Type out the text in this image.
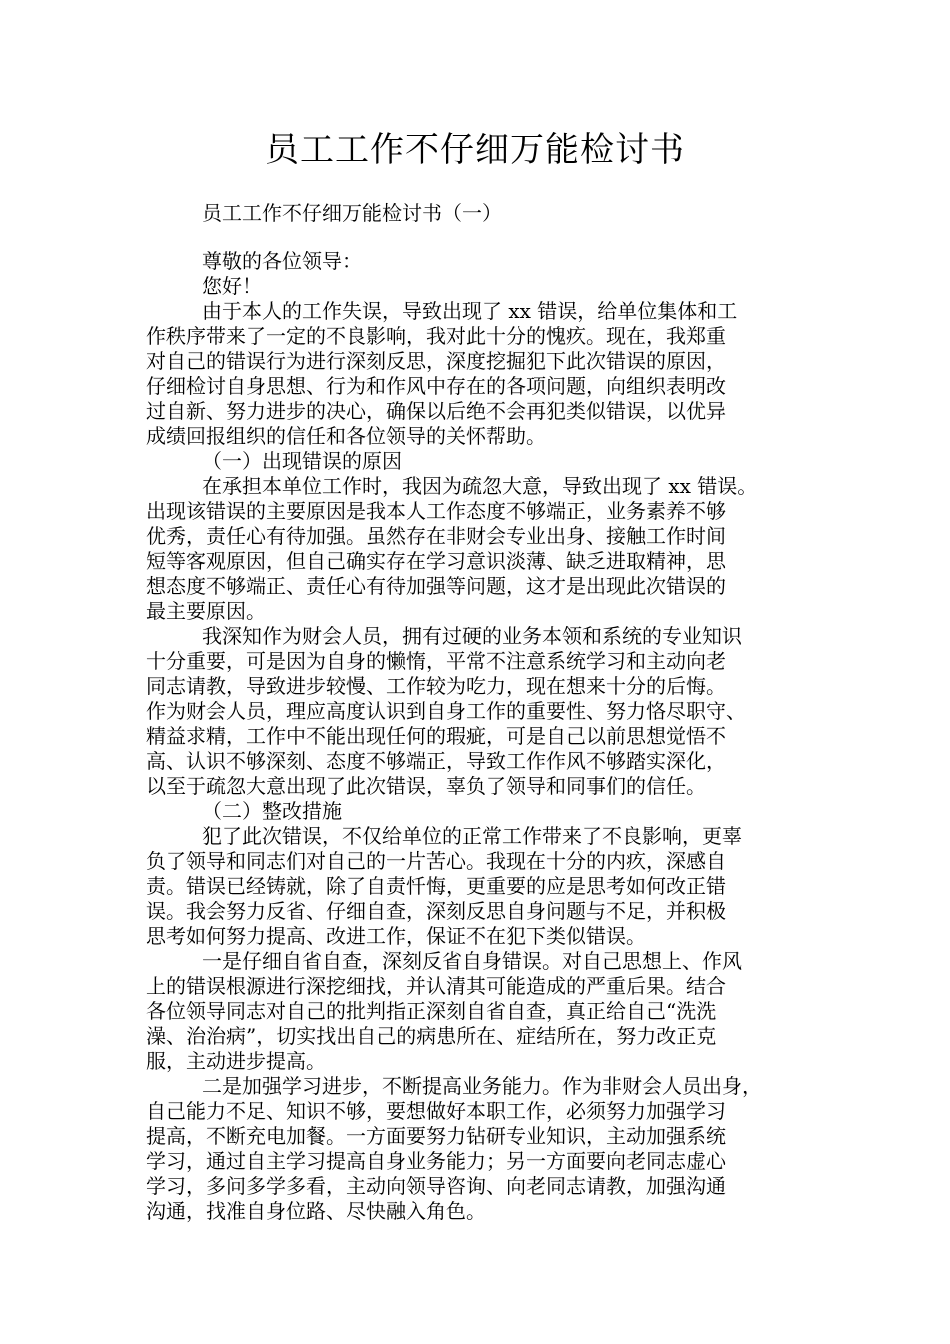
员工工作不仔细万能检讨书

员工工作不仔细万能检讨书（一）

尊敬的各位领导：
您好！
由于本人的工作失误，导致出现了 xx 错误，给单位集体和工
作秩序带来了一定的不良影响，我对此十分的愧疚。现在，我郑重
对自己的错误行为进行深刻反思，深度挖掘犯下此次错误的原因，
仔细检讨自身思想、行为和作风中存在的各项问题，向组织表明改
过自新、努力进步的决心，确保以后绝不会再犯类似错误，以优异
成绩回报组织的信任和各位领导的关怀帮助。
（一）出现错误的原因
在承担本单位工作时，我因为疏忽大意，导致出现了 xx 错误。
出现该错误的主要原因是我本人工作态度不够端正，业务素养不够
优秀，责任心有待加强。虽然存在非财会专业出身、接触工作时间
短等客观原因，但自己确实存在学习意识淡薄、缺乏进取精神，思
想态度不够端正、责任心有待加强等问题，这才是出现此次错误的
最主要原因。
我深知作为财会人员，拥有过硬的业务本领和系统的专业知识
十分重要，可是因为自身的懒惰，平常不注意系统学习和主动向老
同志请教，导致进步较慢、工作较为吃力，现在想来十分的后悔。
作为财会人员，理应高度认识到自身工作的重要性、努力恪尽职守、
精益求精，工作中不能出现任何的瑕疵，可是自己以前思想觉悟不
高、认识不够深刻、态度不够端正，导致工作作风不够踏实深化，
以至于疏忽大意出现了此次错误，辜负了领导和同事们的信任。
（二）整改措施
犯了此次错误，不仅给单位的正常工作带来了不良影响，更辜
负了领导和同志们对自己的一片苦心。我现在十分的内疚，深感自
责。错误已经铸就，除了自责忏悔，更重要的应是思考如何改正错
误。我会努力反省、仔细自查，深刻反思自身问题与不足，并积极
思考如何努力提高、改进工作，保证不在犯下类似错误。
一是仔细自省自查，深刻反省自身错误。对自己思想上、作风
上的错误根源进行深挖细找，并认清其可能造成的严重后果。结合
各位领导同志对自己的批判指正深刻自省自查，真正给自己“洗洗
澡、治治病”，切实找出自己的病患所在、症结所在，努力改正克
服，主动进步提高。
二是加强学习进步，不断提高业务能力。作为非财会人员出身，
自己能力不足、知识不够，要想做好本职工作，必须努力加强学习
提高，不断充电加餐。一方面要努力钻研专业知识，主动加强系统
学习，通过自主学习提高自身业务能力；另一方面要向老同志虚心
学习，多问多学多看，主动向领导咨询、向老同志请教，加强沟通
沟通，找准自身位路、尽快融入角色。
